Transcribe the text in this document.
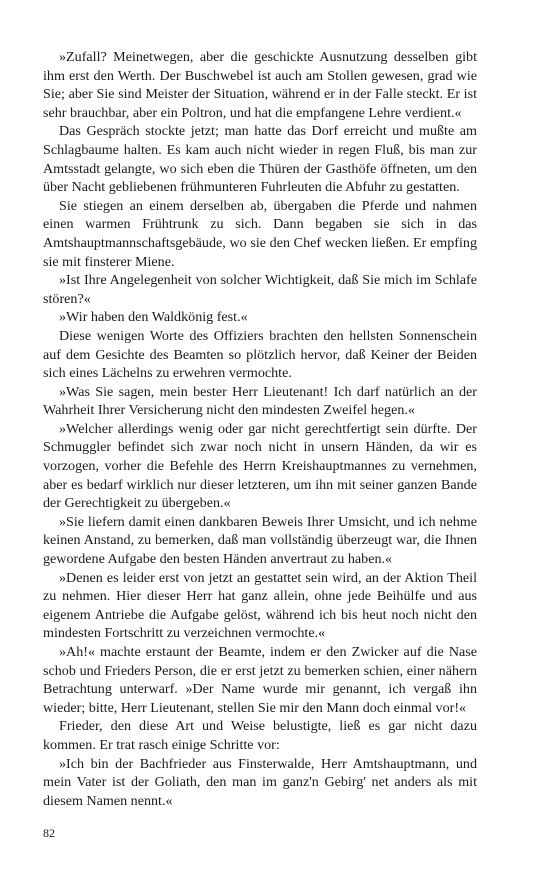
»Zufall? Meinetwegen, aber die geschickte Ausnutzung desselben gibt ihm erst den Werth. Der Buschwebel ist auch am Stollen gewesen, grad wie Sie; aber Sie sind Meister der Situation, während er in der Falle steckt. Er ist sehr brauchbar, aber ein Poltron, und hat die empfangene Lehre verdient.«

Das Gespräch stockte jetzt; man hatte das Dorf erreicht und mußte am Schlagbaume halten. Es kam auch nicht wieder in regen Fluß, bis man zur Amtsstadt gelangte, wo sich eben die Thüren der Gasthöfe öffneten, um den über Nacht gebliebenen frühmunteren Fuhrleuten die Abfuhr zu gestatten.

Sie stiegen an einem derselben ab, übergaben die Pferde und nahmen einen warmen Frühtrunk zu sich. Dann begaben sie sich in das Amtshauptmannschaftsgebäude, wo sie den Chef wecken ließen. Er empfing sie mit finsterer Miene.

»Ist Ihre Angelegenheit von solcher Wichtigkeit, daß Sie mich im Schlafe stören?«

»Wir haben den Waldkönig fest.«

Diese wenigen Worte des Offiziers brachten den hellsten Sonnenschein auf dem Gesichte des Beamten so plötzlich hervor, daß Keiner der Beiden sich eines Lächelns zu erwehren vermochte.

»Was Sie sagen, mein bester Herr Lieutenant! Ich darf natürlich an der Wahrheit Ihrer Versicherung nicht den mindesten Zweifel hegen.«

»Welcher allerdings wenig oder gar nicht gerechtfertigt sein dürfte. Der Schmuggler befindet sich zwar noch nicht in unsern Händen, da wir es vorzogen, vorher die Befehle des Herrn Kreishauptmannes zu vernehmen, aber es bedarf wirklich nur dieser letzteren, um ihn mit seiner ganzen Bande der Gerechtigkeit zu übergeben.«

»Sie liefern damit einen dankbaren Beweis Ihrer Umsicht, und ich nehme keinen Anstand, zu bemerken, daß man vollständig überzeugt war, die Ihnen gewordene Aufgabe den besten Händen anvertraut zu haben.«

»Denen es leider erst von jetzt an gestattet sein wird, an der Aktion Theil zu nehmen. Hier dieser Herr hat ganz allein, ohne jede Beihülfe und aus eigenem Antriebe die Aufgabe gelöst, während ich bis heut noch nicht den mindesten Fortschritt zu verzeichnen vermochte.«

»Ah!« machte erstaunt der Beamte, indem er den Zwicker auf die Nase schob und Frieders Person, die er erst jetzt zu bemerken schien, einer nähern Betrachtung unterwarf. »Der Name wurde mir genannt, ich vergaß ihn wieder; bitte, Herr Lieutenant, stellen Sie mir den Mann doch einmal vor!«

Frieder, den diese Art und Weise belustigte, ließ es gar nicht dazu kommen. Er trat rasch einige Schritte vor:

»Ich bin der Bachfrieder aus Finsterwalde, Herr Amtshauptmann, und mein Vater ist der Goliath, den man im ganz'n Gebirg' net anders als mit diesem Namen nennt.«

82
